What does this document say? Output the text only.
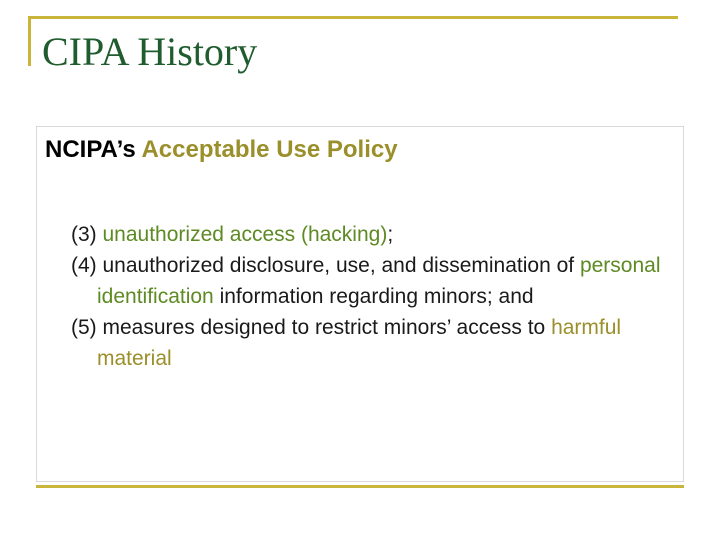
CIPA History
NCIPA’s Acceptable Use Policy

(3) unauthorized access (hacking);

(4) unauthorized disclosure, use, and dissemination of personal identification information regarding minors; and

(5) measures designed to restrict minors’ access to harmful material
